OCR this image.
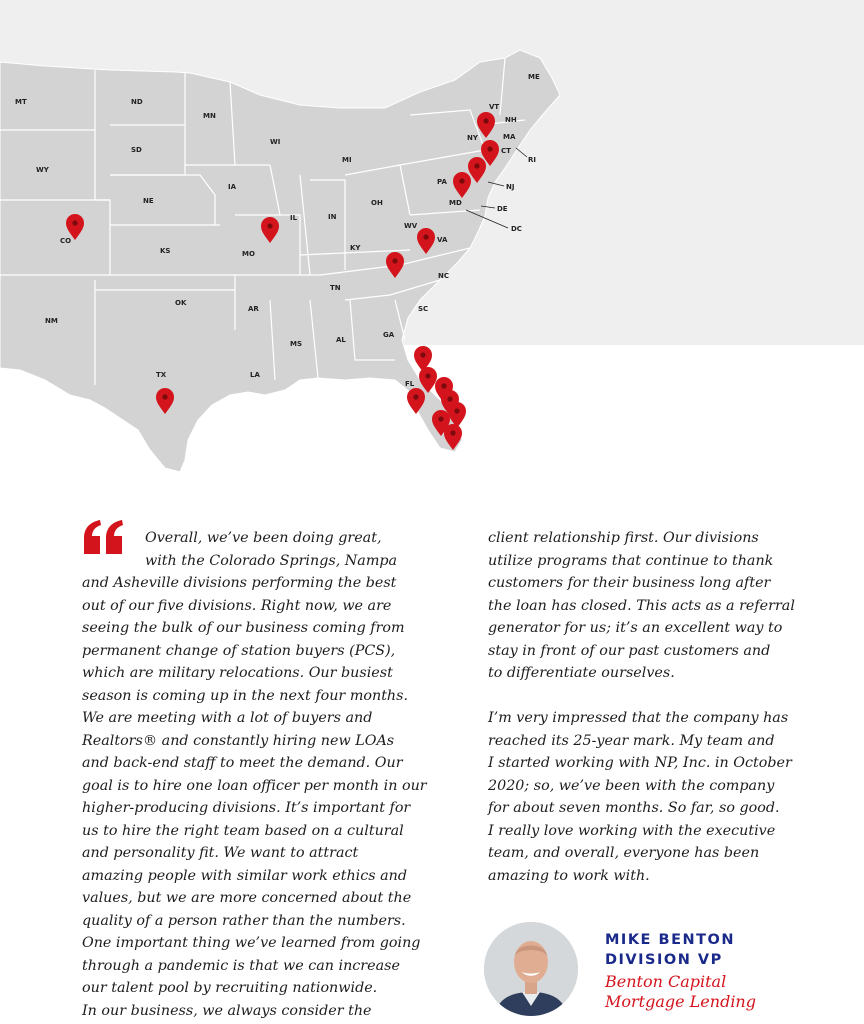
MT	ND
MN
WI
MI
SD
WY
IA
NE
IL	IN
OH
PA
NY
VT
NH
ME
MA
CT
RI
NJ
DE
MD
DC
WV
VA
CO
KS	MO
KY
NC
TN
OK
AR	SC
NM
GA
AL
MS
TX	LA
FL

Overall, we’ve been doing great,

with the Colorado Springs, Nampa

and Asheville divisions performing the best

out of our five divisions. Right now, we are

seeing the bulk of our business coming from

permanent change of station buyers (PCS),

which are military relocations. Our busiest

season is coming up in the next four months.

We are meeting with a lot of buyers and

Realtors® and constantly hiring new LOAs

and back-end staff to meet the demand. Our

goal is to hire one loan officer per month in our

higher-producing divisions. It’s important for

us to hire the right team based on a cultural

and personality fit. We want to attract

amazing people with similar work ethics and

values, but we are more concerned about the

quality of a person rather than the numbers.

One important thing we’ve learned from going

through a pandemic is that we can increase

our talent pool by recruiting nationwide.

In our business, we always consider the

client relationship first. Our divisions

utilize programs that continue to thank

customers for their business long after

the loan has closed. This acts as a referral

generator for us; it’s an excellent way to

stay in front of our past customers and

to differentiate ourselves.

I’m very impressed that the company has

reached its 25-year mark. My team and

I started working with NP, Inc. in October

2020; so, we’ve been with the company

for about seven months. So far, so good.

I really love working with the executive

team, and overall, everyone has been

amazing to work with.

MIKE BENTON
DIVISION VP
Benton Capital
Mortgage Lending
